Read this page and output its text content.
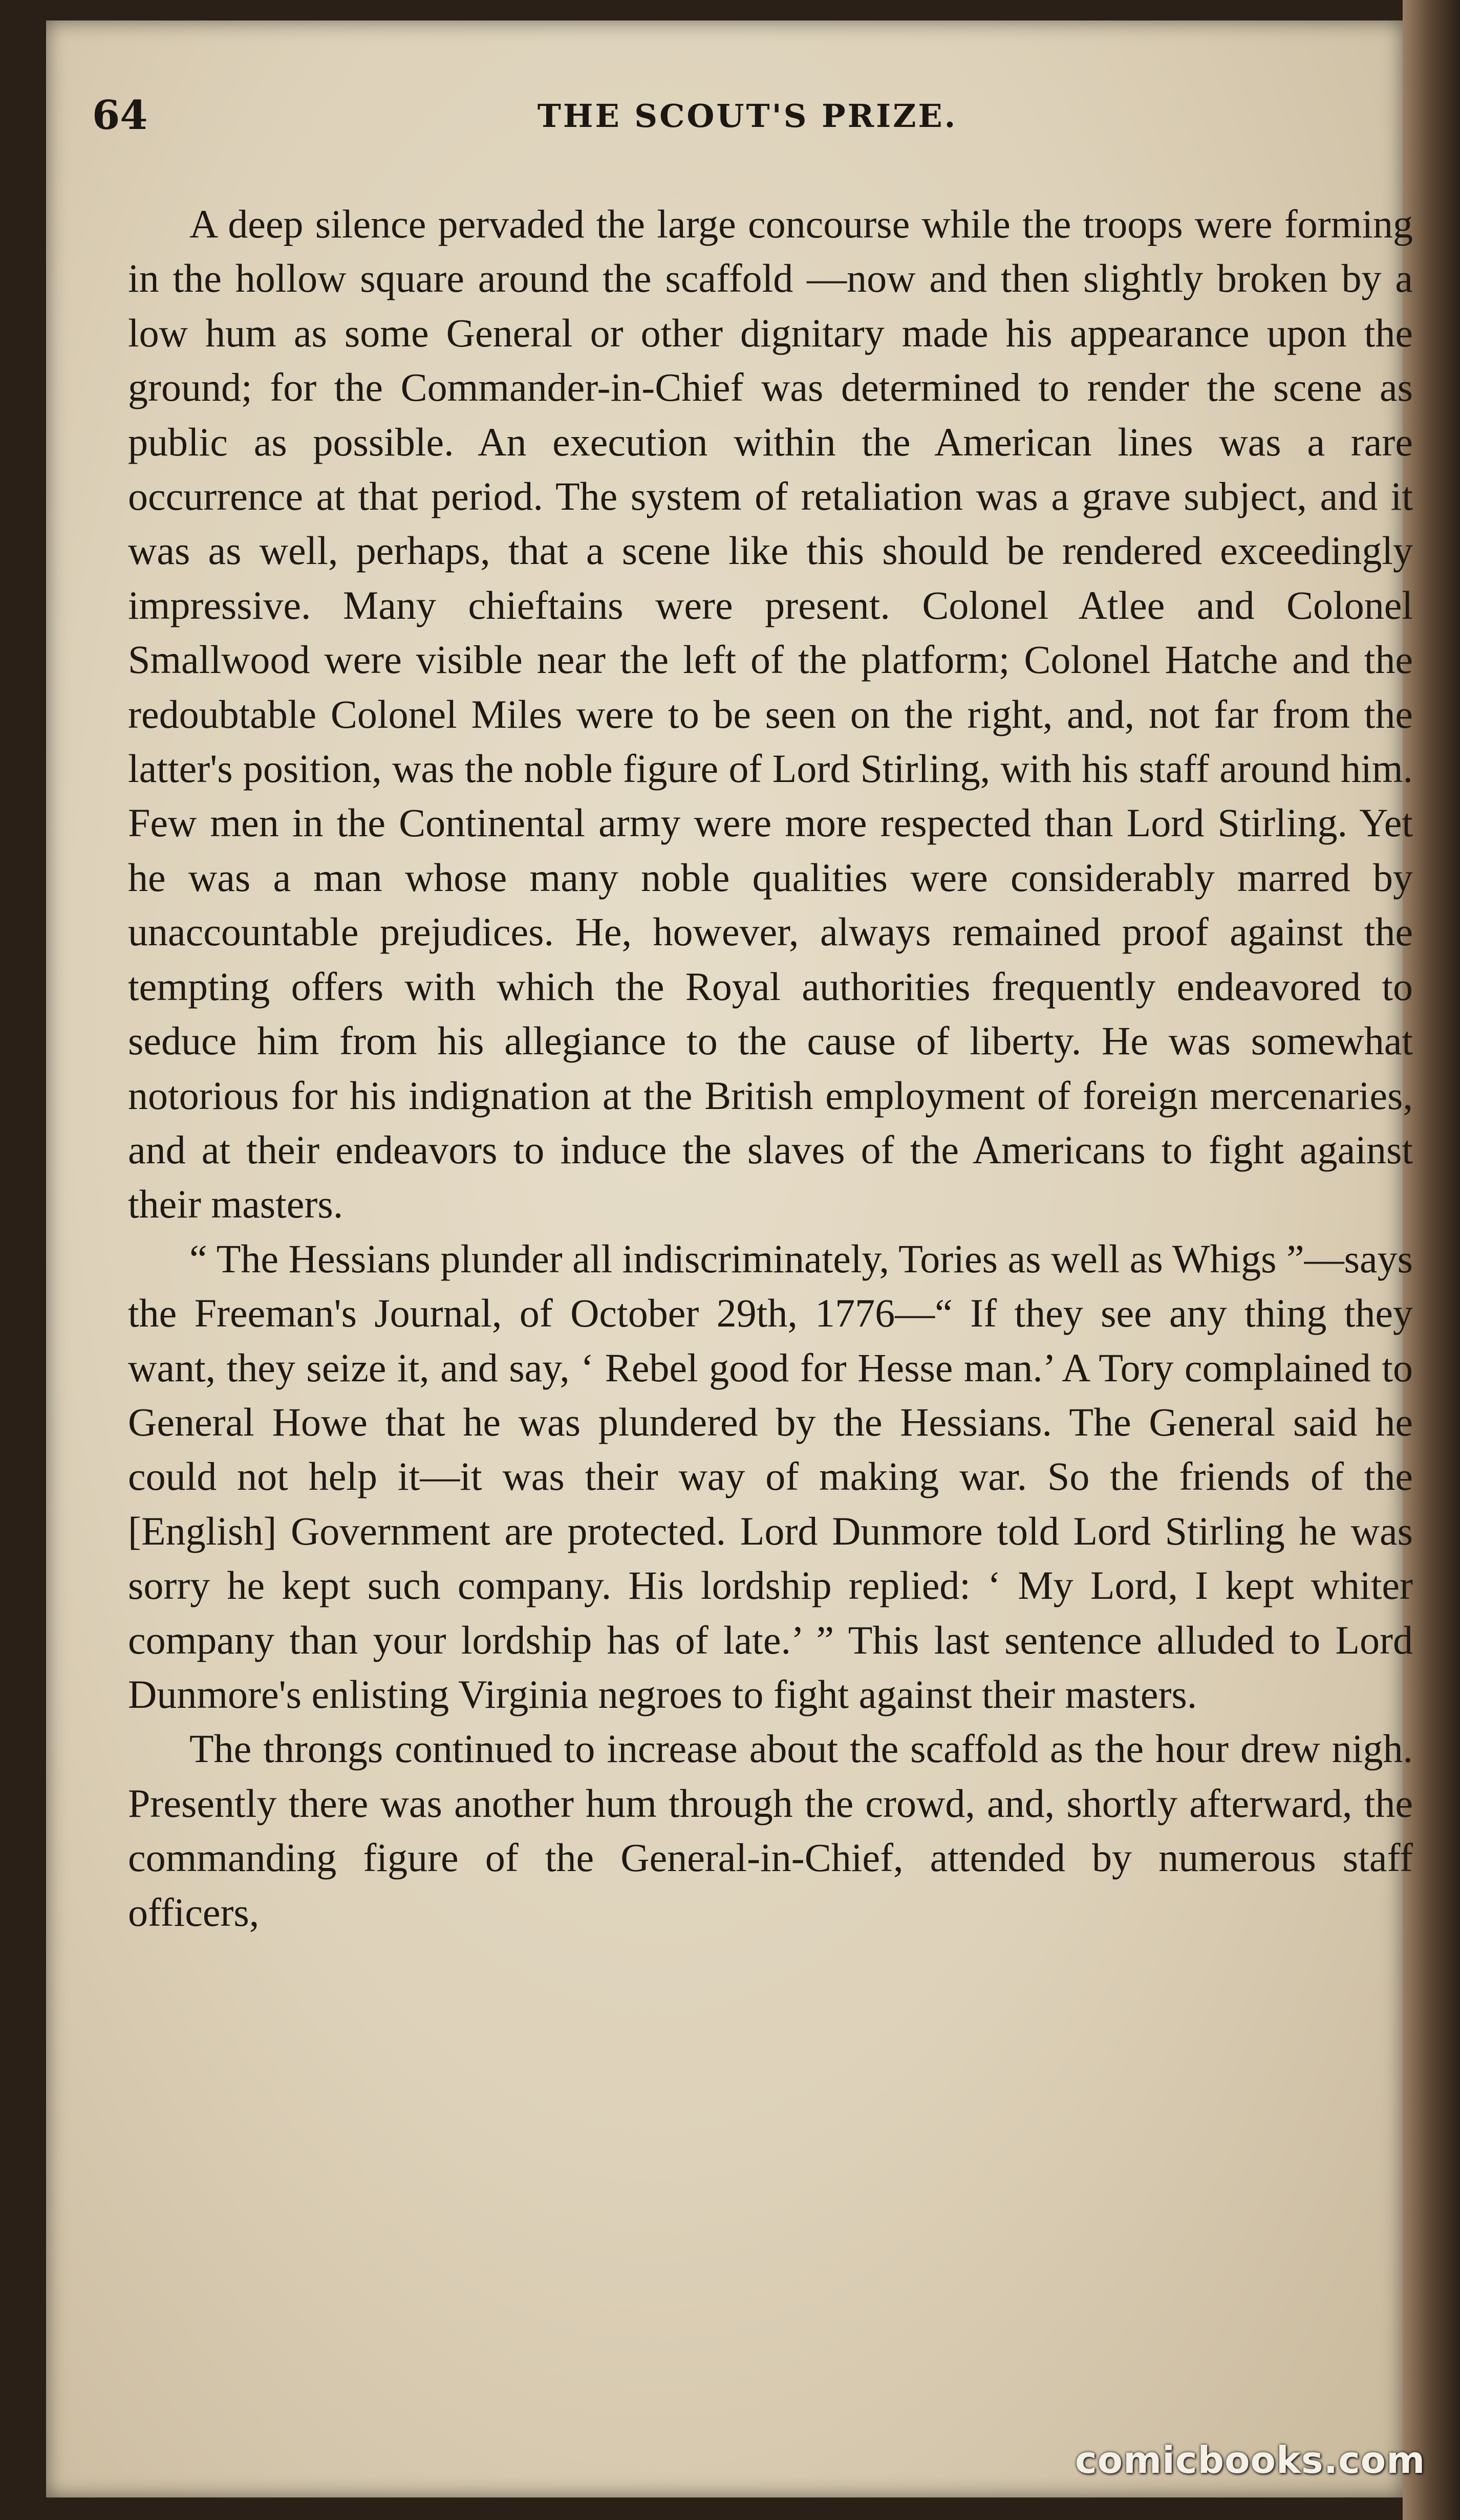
64	THE SCOUT'S PRIZE.

A deep silence pervaded the large concourse while the troops were forming in the hollow square around the scaffold —now and then slightly broken by a low hum as some General or other dignitary made his appearance upon the ground; for the Commander-in-Chief was determined to render the scene as public as possible. An execution within the American lines was a rare occurrence at that period. The system of retaliation was a grave subject, and it was as well, perhaps, that a scene like this should be rendered exceedingly impressive. Many chieftains were present. Colonel Atlee and Colonel Smallwood were visible near the left of the platform; Colonel Hatche and the redoubtable Colonel Miles were to be seen on the right, and, not far from the latter's position, was the noble figure of Lord Stirling, with his staff around him. Few men in the Continental army were more respected than Lord Stirling. Yet he was a man whose many noble qualities were considerably marred by unaccountable prejudices. He, however, always remained proof against the tempting offers with which the Royal authorities frequently endeavored to seduce him from his allegiance to the cause of liberty. He was somewhat notorious for his indignation at the British employment of foreign mercenaries, and at their endeavors to induce the slaves of the Americans to fight against their masters.

“ The Hessians plunder all indiscriminately, Tories as well as Whigs ”—says the Freeman's Journal, of October 29th, 1776—“ If they see any thing they want, they seize it, and say, ‘ Rebel good for Hesse man.’ A Tory complained to General Howe that he was plundered by the Hessians. The General said he could not help it—it was their way of making war. So the friends of the [English] Government are protected. Lord Dunmore told Lord Stirling he was sorry he kept such company. His lordship replied: ‘ My Lord, I kept whiter company than your lordship has of late.’ ” This last sentence alluded to Lord Dunmore's enlisting Virginia negroes to fight against their masters.

The throngs continued to increase about the scaffold as the hour drew nigh. Presently there was another hum through the crowd, and, shortly afterward, the commanding figure of the General-in-Chief, attended by numerous staff officers,

comicbooks.com
